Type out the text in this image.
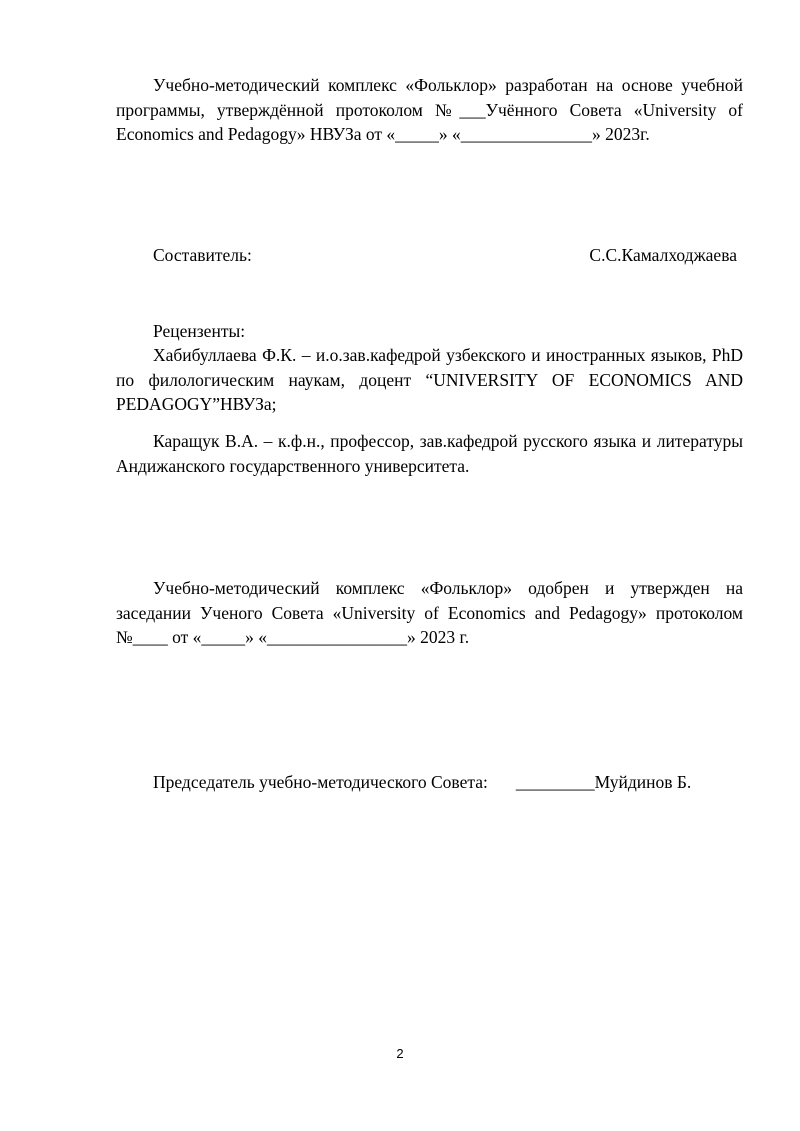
Учебно-методический комплекс «Фольклор» разработан на основе учебной программы, утверждённой протоколом №___Учённого Совета «University of Economics and Pedagogy» НВУЗа от «_____» «_______________» 2023г.

Составитель:	С.С.Камалходжаева
Рецензенты:

Хабибуллаева Ф.К. – и.о.зав.кафедрой узбекского и иностранных языков, PhD по филологическим наукам, доцент “UNIVERSITY OF ECONOMICS AND PEDAGOGY”НВУЗа;

Каращук В.А. – к.ф.н., профессор, зав.кафедрой русского языка и литературы Андижанского государственного университета.

Учебно-методический комплекс «Фольклор» одобрен и утвержден на заседании Ученого Совета «University of Economics and Pedagogy» протоколом №____ от «_____» «________________» 2023 г.

Председатель учебно-методического Совета: _________Муйдинов Б.
2
